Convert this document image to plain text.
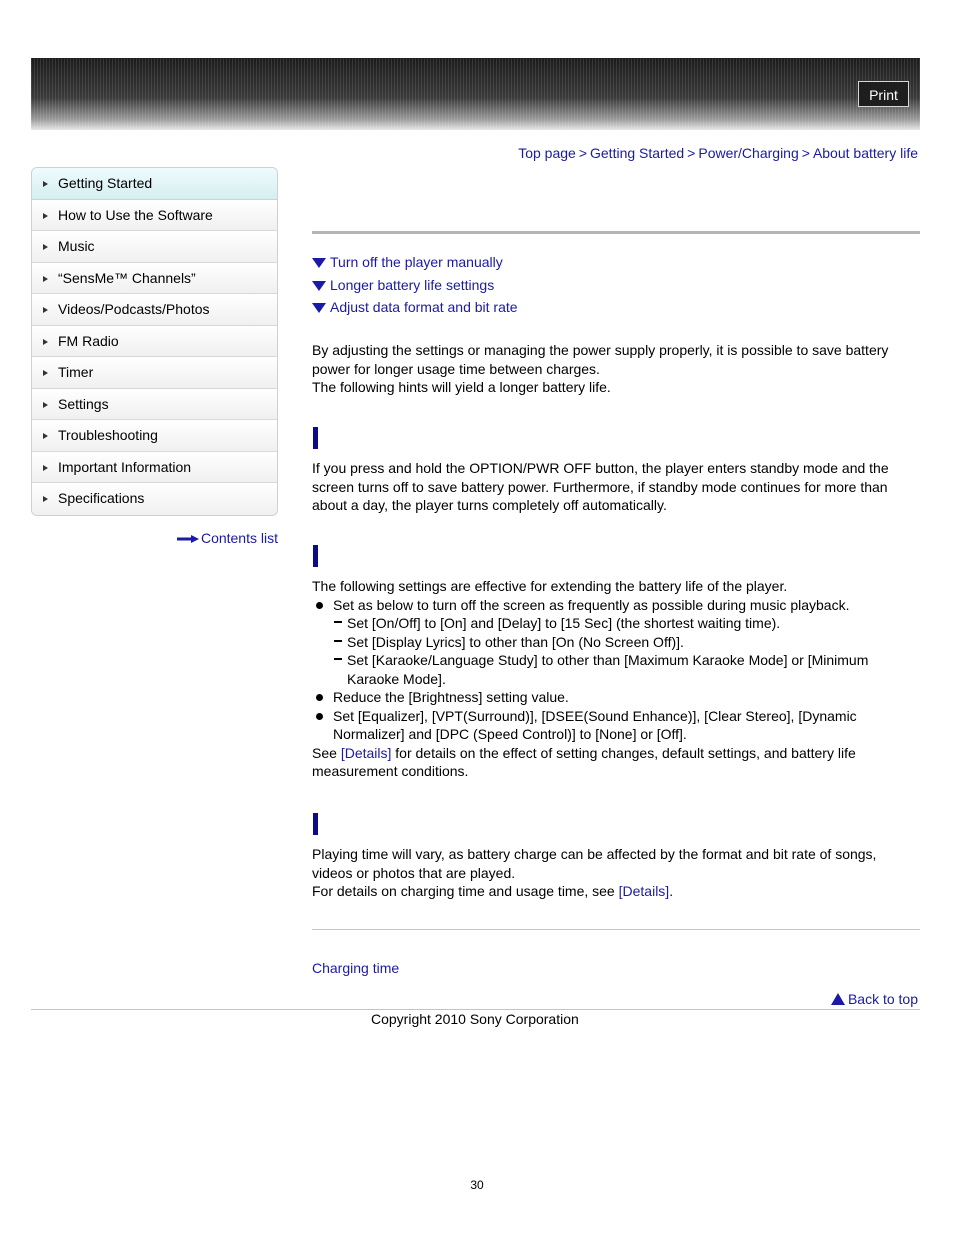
Print
Top page > Getting Started > Power/Charging > About battery life
Getting Started
How to Use the Software
Music
“SensMe™ Channels”
Videos/Podcasts/Photos
FM Radio
Timer
Settings
Troubleshooting
Important Information
Specifications
Contents list
Turn off the player manually
Longer battery life settings
Adjust data format and bit rate

By adjusting the settings or managing the power supply properly, it is possible to save battery power for longer usage time between charges.

The following hints will yield a longer battery life.

If you press and hold the OPTION/PWR OFF button, the player enters standby mode and the screen turns off to save battery power. Furthermore, if standby mode continues for more than about a day, the player turns completely off automatically.

The following settings are effective for extending the battery life of the player.

Set as below to turn off the screen as frequently as possible during music playback.
Set [On/Off] to [On] and [Delay] to [15 Sec] (the shortest waiting time).
Set [Display Lyrics] to other than [On (No Screen Off)].
Set [Karaoke/Language Study] to other than [Maximum Karaoke Mode] or [Minimum Karaoke Mode].
Reduce the [Brightness] setting value.
Set [Equalizer], [VPT(Surround)], [DSEE(Sound Enhance)], [Clear Stereo], [Dynamic Normalizer] and [DPC (Speed Control)] to [None] or [Off].

See [Details] for details on the effect of setting changes, default settings, and battery life measurement conditions.

Playing time will vary, as battery charge can be affected by the format and bit rate of songs, videos or photos that are played.

For details on charging time and usage time, see [Details].

Charging time
Back to top
Copyright 2010 Sony Corporation
30
